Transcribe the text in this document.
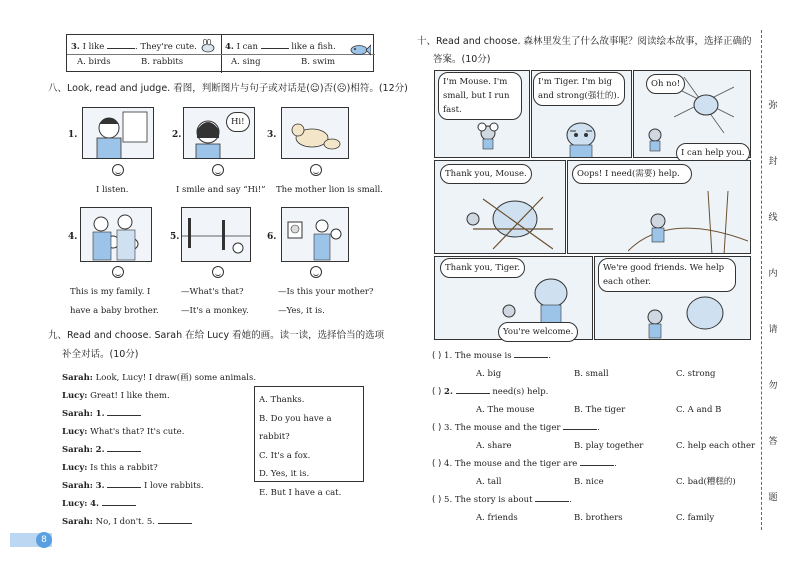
3. I like	. They're cute.
A. birds	B. rabbits
4. I can	like a fish.
A. sing	B. swim
八、Look, read and judge. 看图，判断图片与句子或对话是(☺)否(☹)相符。(12分)
1.	2.
Hi!
3.
I listen.	I smile and say “Hi!” The mother lion is small.
4.	5.	6.
This is my family. I
have a baby brother.
—What's that?
—It's a monkey.
—Is this your mother?
—Yes, it is.
九、Read and choose. Sarah 在给 Lucy 看她的画。读一读，选择恰当的选项
补全对话。(10分)
Sarah: Look, Lucy! I draw(画) some animals.
Lucy: Great! I like them.
Sarah: 1.
Lucy: What's that? It's cute.
Sarah: 2.
Lucy: Is this a rabbit?
Sarah: 3.	I love rabbits.
Lucy: 4.
Sarah: No, I don't. 5.
A. Thanks.
B. Do you have a rabbit?
C. It's a fox.
D. Yes, it is.
E. But I have a cat.
8
十、Read and choose. 森林里发生了什么故事呢？阅读绘本故事，选择正确的
答案。(10分)
I'm Mouse. I'm small, but I run fast.
I'm Tiger. I'm big and strong(强壮的).
Oh no!
I can help you.
Thank you, Mouse.	Oops! I need(需要) help.
Thank you, Tiger.
You're welcome.
We're good friends. We help each other.
( ) 1. The mouse is	.
A. big	B. small	C. strong
( ) 2.	need(s) help.
A. The mouse	B. The tiger	C. A and B
( ) 3. The mouse and the tiger	.
A. share	B. play together	C. help each other
( ) 4. The mouse and the tiger are	.
A. tall	B. nice	C. bad(糟糕的)
( ) 5. The story is about	.
A. friends	B. brothers	C. family
弥
封
线
内
请
勿
答
题
